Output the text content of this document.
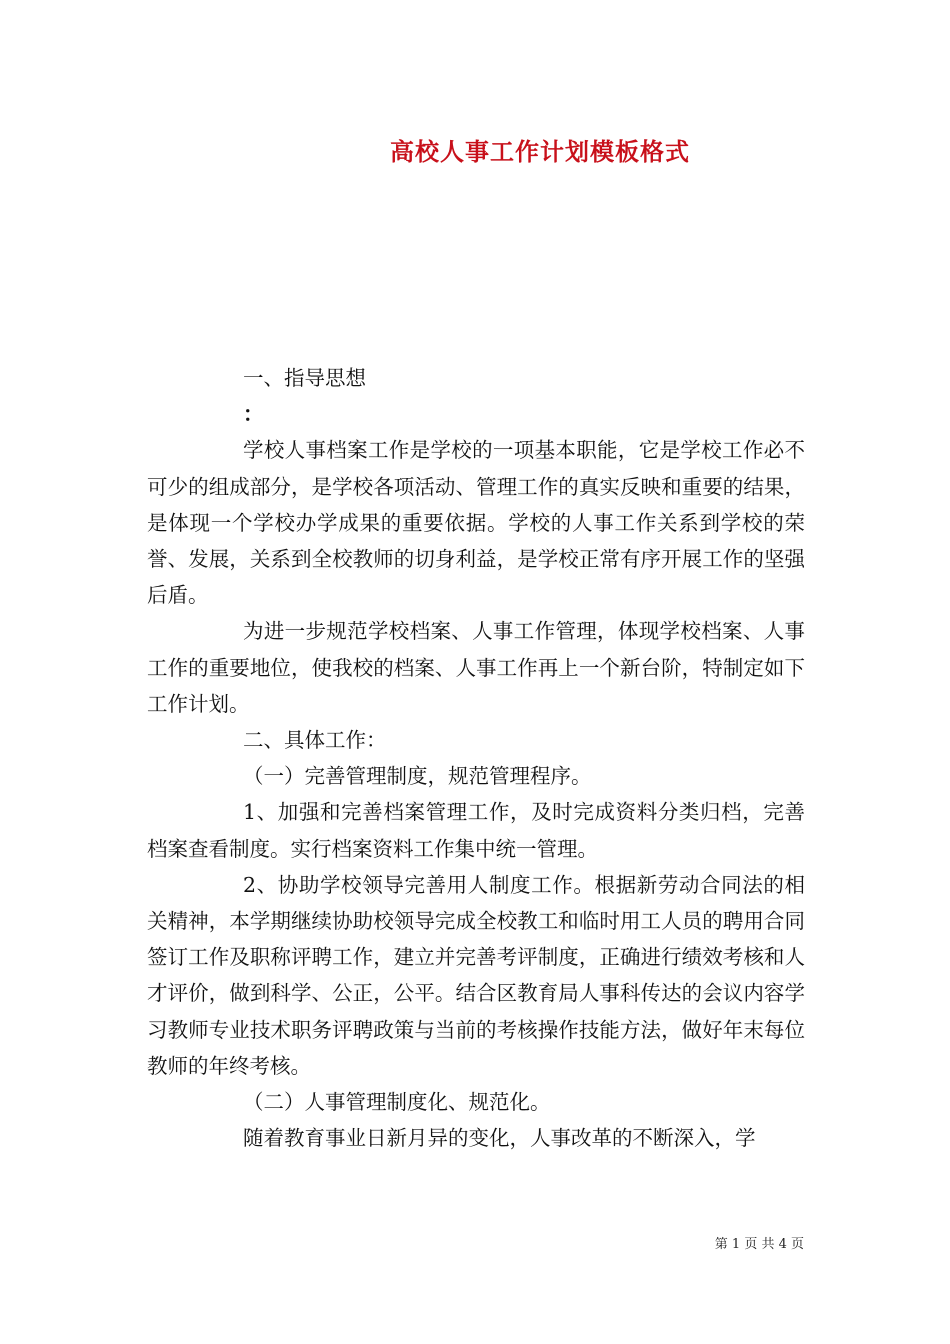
高校人事工作计划模板格式

一、指导思想

：

学校人事档案工作是学校的一项基本职能，它是学校工作必不可少的组成部分，是学校各项活动、管理工作的真实反映和重要的结果，是体现一个学校办学成果的重要依据。学校的人事工作关系到学校的荣誉、发展，关系到全校教师的切身利益，是学校正常有序开展工作的坚强后盾。

为进一步规范学校档案、人事工作管理，体现学校档案、人事工作的重要地位，使我校的档案、人事工作再上一个新台阶，特制定如下工作计划。

二、具体工作：

（一）完善管理制度，规范管理程序。

1、加强和完善档案管理工作，及时完成资料分类归档，完善档案查看制度。实行档案资料工作集中统一管理。

2、协助学校领导完善用人制度工作。根据新劳动合同法的相关精神，本学期继续协助校领导完成全校教工和临时用工人员的聘用合同签订工作及职称评聘工作，建立并完善考评制度，正确进行绩效考核和人才评价，做到科学、公正，公平。结合区教育局人事科传达的会议内容学习教师专业技术职务评聘政策与当前的考核操作技能方法，做好年末每位教师的年终考核。

（二）人事管理制度化、规范化。

随着教育事业日新月异的变化，人事改革的不断深入，学

第 1 页 共 4 页
